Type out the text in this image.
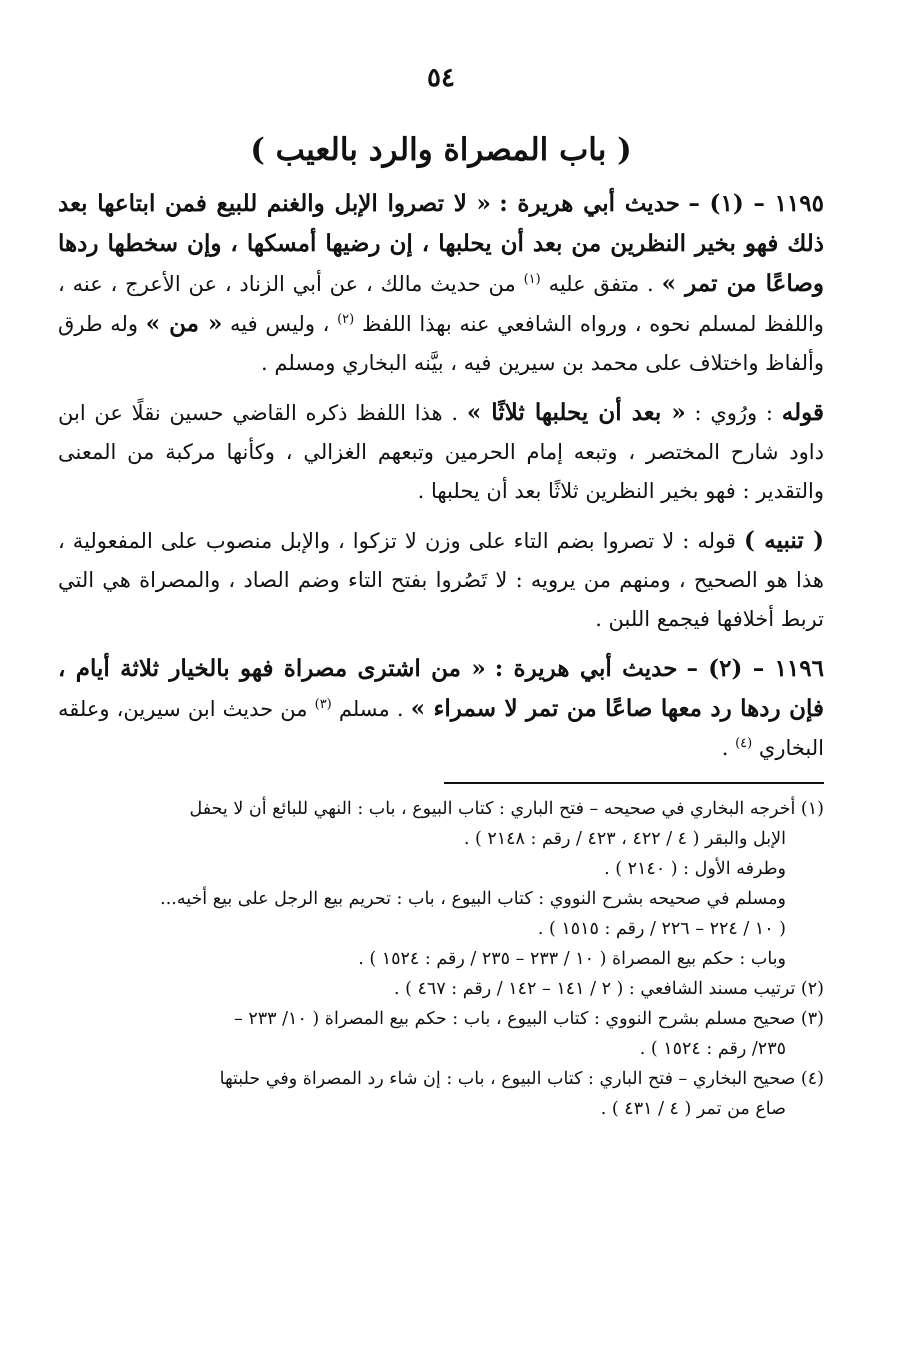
٥٤
( باب المصراة والرد بالعيب )

١١٩٥ – (١) – حديث أبي هريرة : « لا تصروا الإبل والغنم للبيع فمن ابتاعها بعد ذلك فهو بخير النظرين من بعد أن يحلبها ، إن رضيها أمسكها ، وإن سخطها ردها وصاعًا من تمر » . متفق عليه $^{(١)}$ من حديث مالك ، عن أبي الزناد ، عن الأعرج ، عنه ، واللفظ لمسلم نحوه ، ورواه الشافعي عنه بهذا اللفظ $^{(٢)}$ ، وليس فيه « من » وله طرق وألفاظ واختلاف على محمد بن سيرين فيه ، بيَّنه البخاري ومسلم .

قوله : ورُوي : « بعد أن يحلبها ثلاثًا » . هذا اللفظ ذكره القاضي حسين نقلًا عن ابن داود شارح المختصر ، وتبعه إمام الحرمين وتبعهم الغزالي ، وكأنها مركبة من المعنى والتقدير : فهو بخير النظرين ثلاثًا بعد أن يحلبها .

( تنبيه ) قوله : لا تصروا بضم التاء على وزن لا تزكوا ، والإبل منصوب على المفعولية ، هذا هو الصحيح ، ومنهم من يرويه : لا تَصُروا بفتح التاء وضم الصاد ، والمصراة هي التي تربط أخلافها فيجمع اللبن .

١١٩٦ – (٢) – حديث أبي هريرة : « من اشترى مصراة فهو بالخيار ثلاثة أيام ، فإن ردها رد معها صاعًا من تمر لا سمراء » . مسلم $^{(٣)}$ من حديث ابن سيرين، وعلقه البخاري $^{(٤)}$ .

(١) أخرجه البخاري في صحيحه – فتح الباري : كتاب البيوع ، باب : النهي للبائع أن لا يحفل

الإبل والبقر ( ٤ / ٤٢٢ ، ٤٢٣ / رقم : ٢١٤٨ ) .

وطرفه الأول : ( ٢١٤٠ ) .

ومسلم في صحيحه بشرح النووي : كتاب البيوع ، باب : تحريم بيع الرجل على بيع أخيه...

( ١٠ / ٢٢٤ – ٢٢٦ / رقم : ١٥١٥ ) .

وباب : حكم بيع المصراة ( ١٠ / ٢٣٣ – ٢٣٥ / رقم : ١٥٢٤ ) .

(٢) ترتيب مسند الشافعي : ( ٢ / ١٤١ – ١٤٢ / رقم : ٤٦٧ ) .

(٣) صحيح مسلم بشرح النووي : كتاب البيوع ، باب : حكم بيع المصراة ( ١٠/ ٢٣٣ –

٢٣٥/ رقم : ١٥٢٤ ) .

(٤) صحيح البخاري – فتح الباري : كتاب البيوع ، باب : إن شاء رد المصراة وفي حلبتها

صاع من تمر ( ٤ / ٤٣١ ) .
